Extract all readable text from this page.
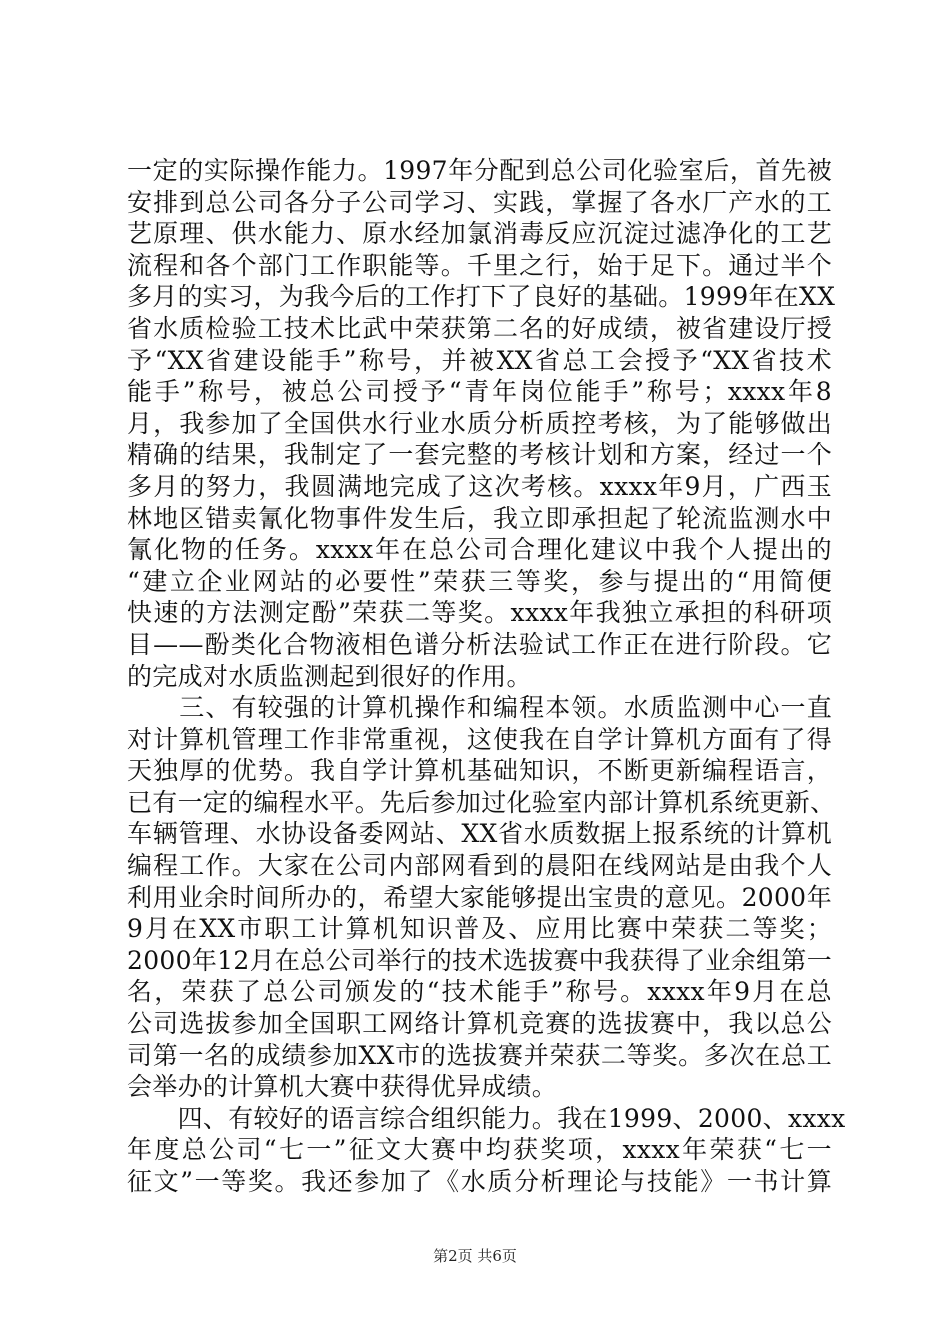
一定的实际操作能力。1997年分配到总公司化验室后，首先被
安排到总公司各分子公司学习、实践，掌握了各水厂产水的工
艺原理、供水能力、原水经加氯消毒反应沉淀过滤净化的工艺
流程和各个部门工作职能等。千里之行，始于足下。通过半个
多月的实习，为我今后的工作打下了良好的基础。1999年在XX
省水质检验工技术比武中荣获第二名的好成绩，被省建设厅授
予“XX省建设能手”称号，并被XX省总工会授予“XX省技术
能手”称号，被总公司授予“青年岗位能手”称号；xxxx年8
月，我参加了全国供水行业水质分析质控考核，为了能够做出
精确的结果，我制定了一套完整的考核计划和方案，经过一个
多月的努力，我圆满地完成了这次考核。xxxx年9月，广西玉
林地区错卖氰化物事件发生后，我立即承担起了轮流监测水中
氰化物的任务。xxxx年在总公司合理化建议中我个人提出的
“建立企业网站的必要性”荣获三等奖，参与提出的“用简便
快速的方法测定酚”荣获二等奖。xxxx年我独立承担的科研项
目——酚类化合物液相色谱分析法验试工作正在进行阶段。它
的完成对水质监测起到很好的作用。
　　三、有较强的计算机操作和编程本领。水质监测中心一直
对计算机管理工作非常重视，这使我在自学计算机方面有了得
天独厚的优势。我自学计算机基础知识，不断更新编程语言，
已有一定的编程水平。先后参加过化验室内部计算机系统更新、
车辆管理、水协设备委网站、XX省水质数据上报系统的计算机
编程工作。大家在公司内部网看到的晨阳在线网站是由我个人
利用业余时间所办的，希望大家能够提出宝贵的意见。2000年
9月在XX市职工计算机知识普及、应用比赛中荣获二等奖；
2000年12月在总公司举行的技术选拔赛中我获得了业余组第一
名，荣获了总公司颁发的“技术能手”称号。xxxx年9月在总
公司选拔参加全国职工网络计算机竞赛的选拔赛中，我以总公
司第一名的成绩参加XX市的选拔赛并荣获二等奖。多次在总工
会举办的计算机大赛中获得优异成绩。
　　四、有较好的语言综合组织能力。我在1999、2000、xxxx
年度总公司“七一”征文大赛中均获奖项，xxxx年荣获“七一
征文”一等奖。我还参加了《水质分析理论与技能》一书计算
第2页 共6页
